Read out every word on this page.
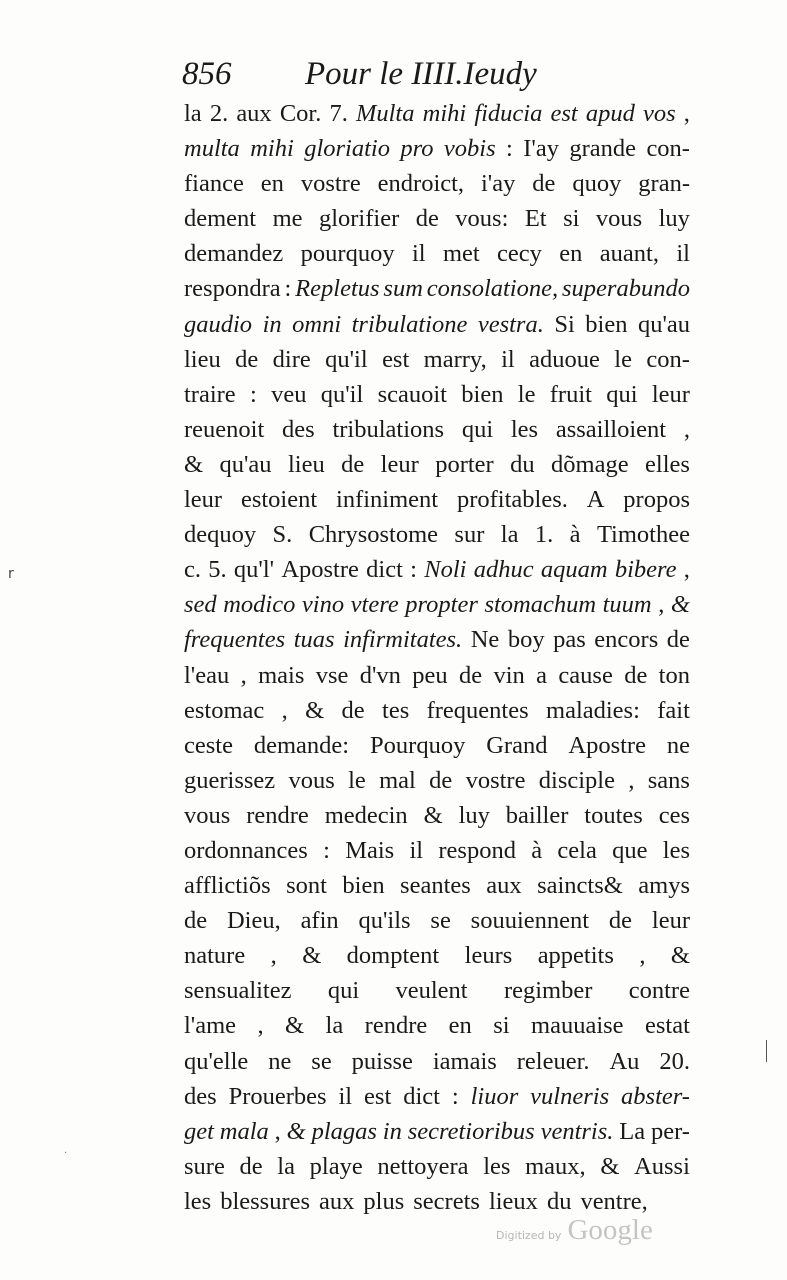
856 Pour le IIII.Ieudy
la 2. aux Cor. 7. Multa mihi fiducia est apud vos ,
multa mihi gloriatio pro vobis : I'ay grande con-
fiance en vostre endroict, i'ay de quoy gran-
dement me glorifier de vous: Et si vous luy
demandez pourquoy il met cecy en auant, il
respondra : Repletus sum consolatione, superabundo
gaudio in omni tribulatione vestra. Si bien qu'au
lieu de dire qu'il est marry, il aduoue le con-
traire : veu qu'il scauoit bien le fruit qui leur
reuenoit des tribulations qui les assailloient ,
& qu'au lieu de leur porter du dõmage elles
leur estoient infiniment profitables. A propos
dequoy S. Chrysostome sur la 1. à Timothee
c. 5. qu'l' Apostre dict : Noli adhuc aquam bibere ,
sed modico vino vtere propter stomachum tuum , &
frequentes tuas infirmitates. Ne boy pas encors de
l'eau , mais vse d'vn peu de vin a cause de ton
estomac , & de tes frequentes maladies: fait
ceste demande: Pourquoy Grand Apostre ne
guerissez vous le mal de vostre disciple , sans
vous rendre medecin & luy bailler toutes ces
ordonnances : Mais il respond à cela que les
afflictiõs sont bien seantes aux saincts& amys
de Dieu, afin qu'ils se souuiennent de leur
nature , & domptent leurs appetits , &
sensualitez qui veulent regimber contre
l'ame , & la rendre en si mauuaise estat
qu'elle ne se puisse iamais releuer. Au 20.
des Prouerbes il est dict : liuor vulneris abster-
get mala , & plagas in secretioribus ventris. La per-
sure de la playe nettoyera les maux, & Aussi
les blessures aux plus secrets lieux du ventre,
r
·
Digitized by Google
